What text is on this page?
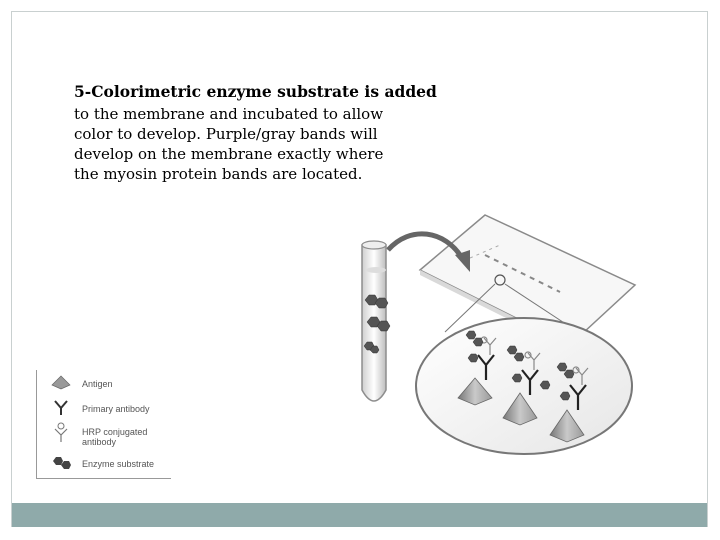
5-Colorimetric enzyme substrate is added
to the membrane and incubated to allow
color to develop. Purple/gray bands will
develop on the membrane exactly where
the myosin protein bands are located.
Antigen
Primary antibody
HRP conjugated antibody
Enzyme substrate
